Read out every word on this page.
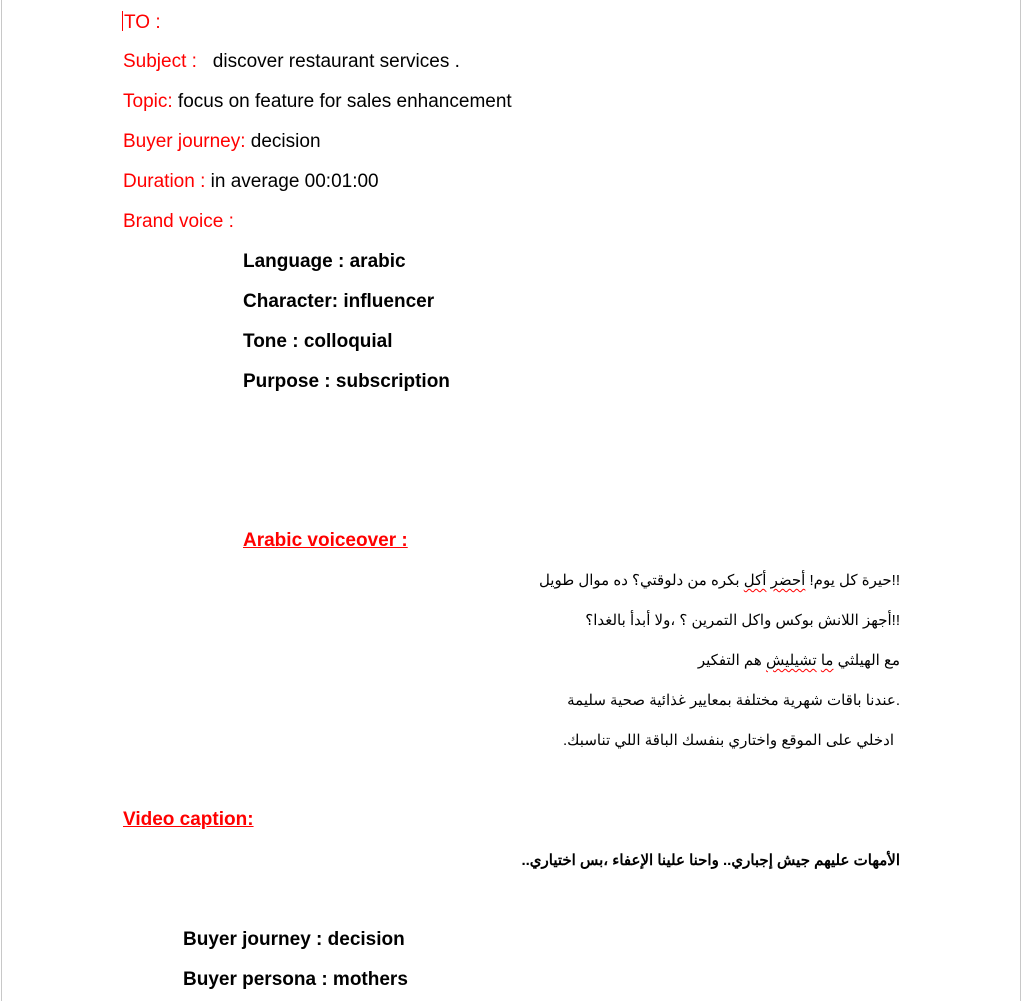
TO :
Subject : discover restaurant services .
Topic: focus on feature for sales enhancement
Buyer journey: decision
Duration : in average 00:01:00
Brand voice :
Language : arabic
Character: influencer
Tone : colloquial
Purpose : subscription
Arabic voiceover :
!!حيرة كل يوم! أحضر أكل بكره من دلوقتي؟ ده موال طويل
!!أجهز اللانش بوكس واكل التمرين ؟ ،ولا أبدأ بالغدا؟
مع الهيلثي ما تشيليش هم التفكير
.عندنا باقات شهرية مختلفة بمعايير غذائية صحية سليمة
ادخلي على الموقع واختاري بنفسك الباقة اللي تناسبك.
Video caption:
الأمهات عليهم جيش إجباري.. واحنا علينا الإعفاء ،بس اختياري..
Buyer journey : decision
Buyer persona : mothers
